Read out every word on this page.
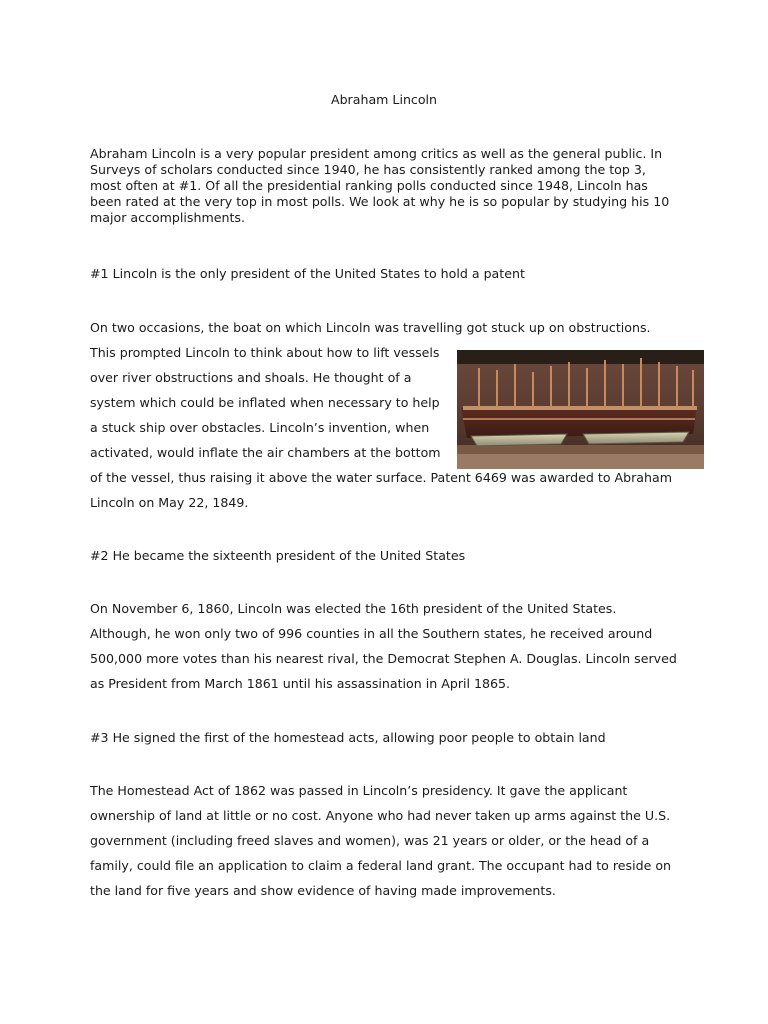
Abraham Lincoln

Abraham Lincoln is a very popular president among critics as well as the general public. In Surveys of scholars conducted since 1940, he has consistently ranked among the top 3, most often at #1. Of all the presidential ranking polls conducted since 1948, Lincoln has been rated at the very top in most polls. We look at why he is so popular by studying his 10 major accomplishments.

#1 Lincoln is the only president of the United States to hold a patent
On two occasions, the boat on which Lincoln was travelling got stuck up on obstructions.
This prompted Lincoln to think about how to lift vessels
over river obstructions and shoals. He thought of a
system which could be inflated when necessary to help
a stuck ship over obstacles. Lincoln’s invention, when
activated, would inflate the air chambers at the bottom
of the vessel, thus raising it above the water surface. Patent 6469 was awarded to Abraham
Lincoln on May 22, 1849.
#2 He became the sixteenth president of the United States
On November 6, 1860, Lincoln was elected the 16th president of the United States.
Although, he won only two of 996 counties in all the Southern states, he received around
500,000 more votes than his nearest rival, the Democrat Stephen A. Douglas. Lincoln served
as President from March 1861 until his assassination in April 1865.
#3 He signed the first of the homestead acts, allowing poor people to obtain land
The Homestead Act of 1862 was passed in Lincoln’s presidency. It gave the applicant
ownership of land at little or no cost. Anyone who had never taken up arms against the U.S.
government (including freed slaves and women), was 21 years or older, or the head of a
family, could file an application to claim a federal land grant. The occupant had to reside on
the land for five years and show evidence of having made improvements.
